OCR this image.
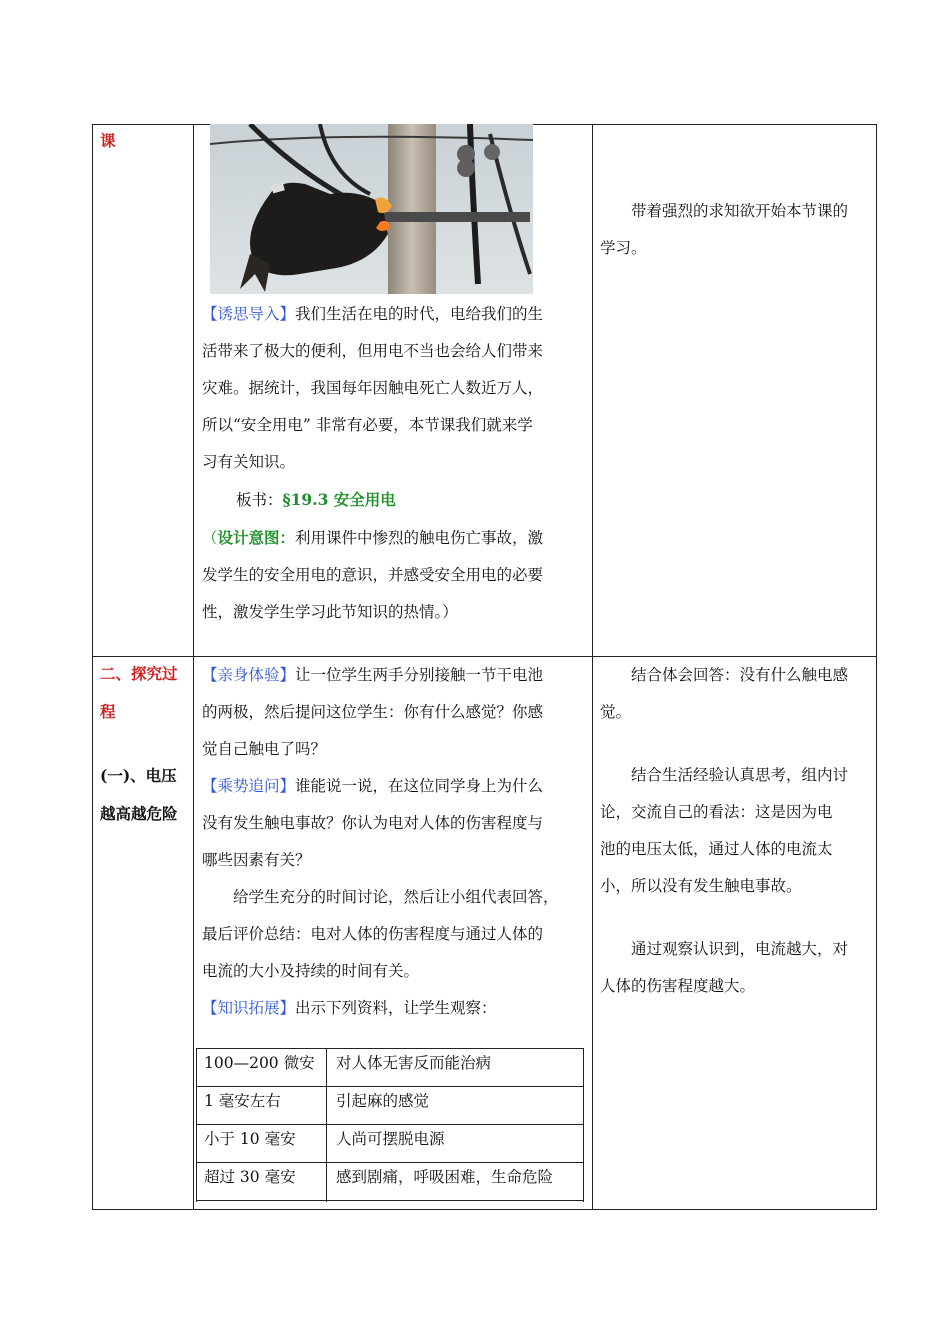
课
二、探究过
程
(一)、电压
越高越危险

【诱思导入】我们生活在电的时代，电给我们的生

活带来了极大的便利，但用电不当也会给人们带来

灾难。据统计，我国每年因触电死亡人数近万人，

所以“安全用电” 非常有必要，本节课我们就来学

习有关知识。

板书：§19.3 安全用电

（设计意图：利用课件中惨烈的触电伤亡事故，激

发学生的安全用电的意识，并感受安全用电的必要

性，激发学生学习此节知识的热情。）

带着强烈的求知欲开始本节课的

学习。

【亲身体验】让一位学生两手分别接触一节干电池

的两极，然后提问这位学生：你有什么感觉？你感

觉自己触电了吗？

【乘势追问】谁能说一说，在这位同学身上为什么

没有发生触电事故？你认为电对人体的伤害程度与

哪些因素有关？

给学生充分的时间讨论，然后让小组代表回答，

最后评价总结：电对人体的伤害程度与通过人体的

电流的大小及持续的时间有关。

【知识拓展】出示下列资料，让学生观察：

100—200 微安 对人体无害反而能治病
1 毫安左右	引起麻的感觉
小于 10 毫安	人尚可摆脱电源
超过 30 毫安	感到剧痛，呼吸困难，生命危险

结合体会回答：没有什么触电感

觉。

结合生活经验认真思考，组内讨

论，交流自己的看法：这是因为电

池的电压太低，通过人体的电流太

小，所以没有发生触电事故。

通过观察认识到，电流越大，对

人体的伤害程度越大。
